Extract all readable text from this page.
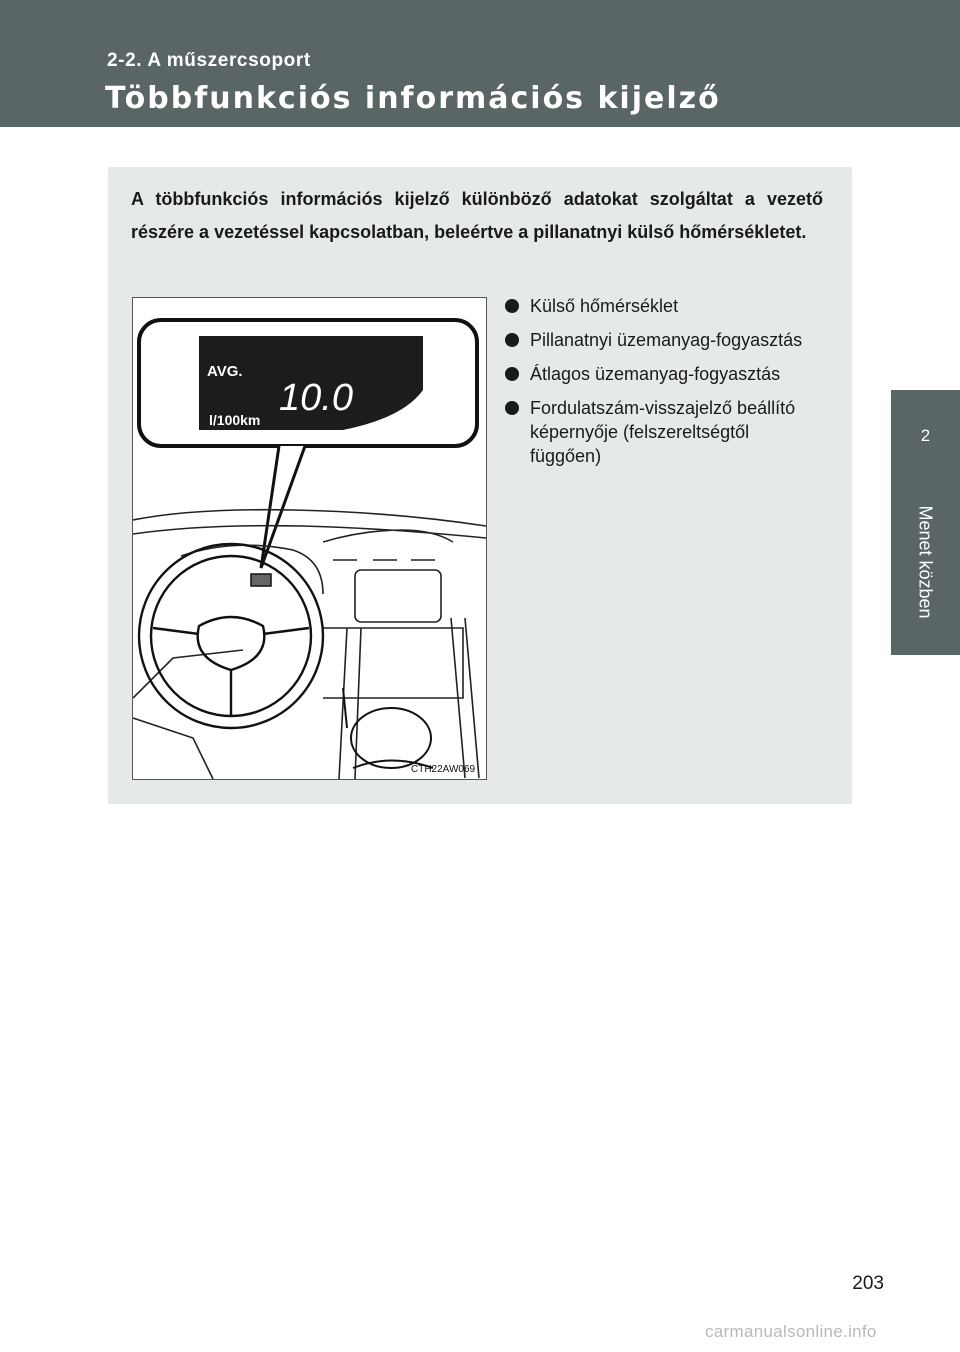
2-2. A műszercsoport
Többfunkciós információs kijelző
2
Menet közben
A többfunkciós információs kijelző különböző adatokat szolgáltat a vezető részére a vezetéssel kapcsolatban, beleértve a pillanatnyi külső hőmérsékletet.
AVG.
10.0
l/100km
CTH22AW069
Külső hőmérséklet
Pillanatnyi üzemanyag-fogyasztás
Átlagos üzemanyag-fogyasztás
Fordulatszám-visszajelző beállító képernyője (felszereltségtől függően)
203
carmanualsonline.info
